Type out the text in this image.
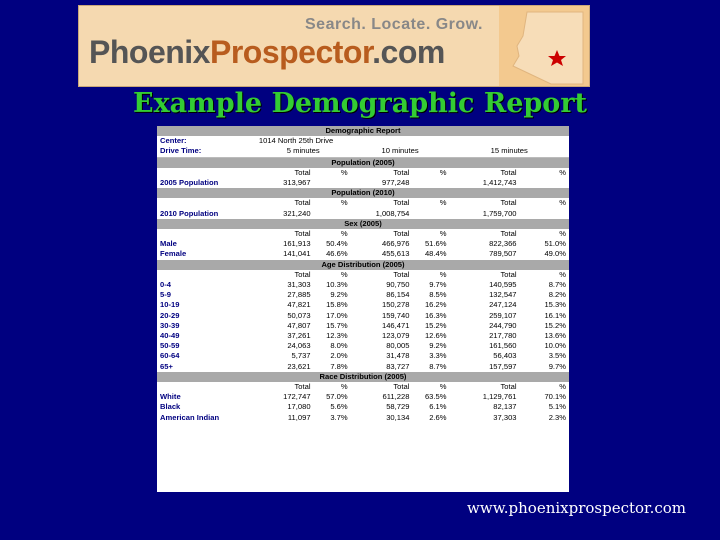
Search. Locate. Grow.
PhoenixProspector.com
Example Demographic Report
Demographic Report						
Center:	1014 North 25th Drive					
Drive Time:	5 minutes		10 minutes		15 minutes	
Population (2005)						
	Total	%	Total	%	Total	%
2005 Population	313,967		977,248		1,412,743	
Population (2010)						
	Total	%	Total	%	Total	%
2010 Population	321,240		1,008,754		1,759,700	
Sex (2005)						
	Total	%	Total	%	Total	%
Male	161,913	50.4%	466,976	51.6%	822,366	51.0%
Female	141,041	46.6%	455,613	48.4%	789,507	49.0%
Age Distribution (2005)						
	Total	%	Total	%	Total	%
0-4	31,303	10.3%	90,750	9.7%	140,595	8.7%
5-9	27,885	9.2%	86,154	8.5%	132,547	8.2%
10-19	47,821	15.8%	150,278	16.2%	247,124	15.3%
20-29	50,073	17.0%	159,740	16.3%	259,107	16.1%
30-39	47,807	15.7%	146,471	15.2%	244,790	15.2%
40-49	37,261	12.3%	123,079	12.6%	217,780	13.6%
50-59	24,063	8.0%	80,005	9.2%	161,560	10.0%
60-64	5,737	2.0%	31,478	3.3%	56,403	3.5%
65+	23,621	7.8%	83,727	8.7%	157,597	9.7%
Race Distribution (2005)						
	Total	%	Total	%	Total	%
White	172,747	57.0%	611,228	63.5%	1,129,761	70.1%
Black	17,080	5.6%	58,729	6.1%	82,137	5.1%
American Indian	11,097	3.7%	30,134	2.6%	37,303	2.3%
www.phoenixprospector.com
